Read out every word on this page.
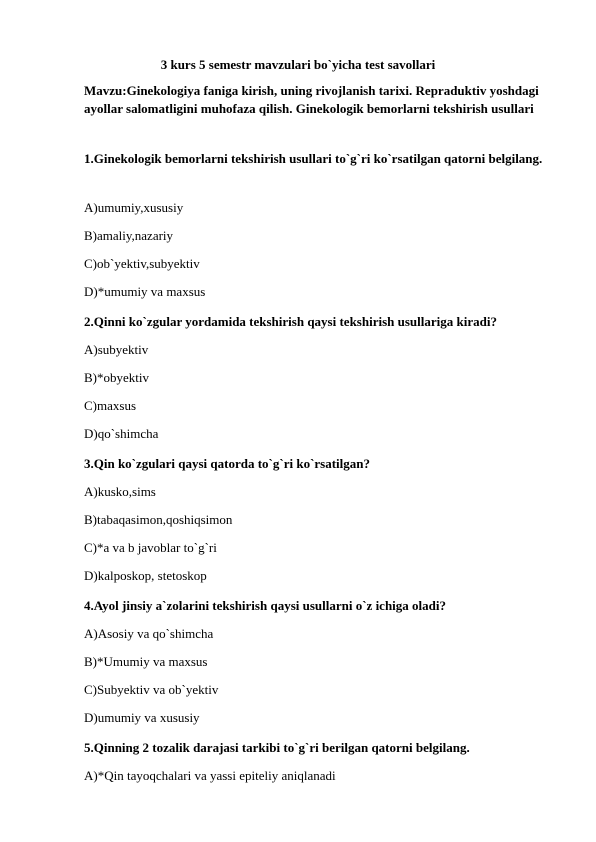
3 kurs 5 semestr mavzulari bo`yicha test savollari
Mavzu:Ginekologiya faniga kirish, uning rivojlanish tarixi. Repraduktiv yoshdagi ayollar salomatligini muhofaza qilish. Ginekologik bemorlarni tekshirish usullari
1.Ginekologik bemorlarni tekshirish usullari to`g`ri ko`rsatilgan qatorni belgilang.
A)umumiy,xususiy
B)amaliy,nazariy
C)ob`yektiv,subyektiv
D)*umumiy va maxsus
2.Qinni ko`zgular yordamida tekshirish qaysi tekshirish usullariga kiradi?
A)subyektiv
B)*obyektiv
C)maxsus
D)qo`shimcha
3.Qin ko`zgulari qaysi qatorda to`g`ri ko`rsatilgan?
A)kusko,sims
B)tabaqasimon,qoshiqsimon
C)*a va b javoblar to`g`ri
D)kalposkop, stetoskop
4.Ayol jinsiy a`zolarini tekshirish qaysi usullarni o`z ichiga oladi?
A)Asosiy va qo`shimcha
B)*Umumiy va maxsus
C)Subyektiv va ob`yektiv
D)umumiy va xususiy
5.Qinning 2 tozalik darajasi tarkibi to`g`ri berilgan qatorni belgilang.
A)*Qin tayoqchalari va yassi epiteliy aniqlanadi
